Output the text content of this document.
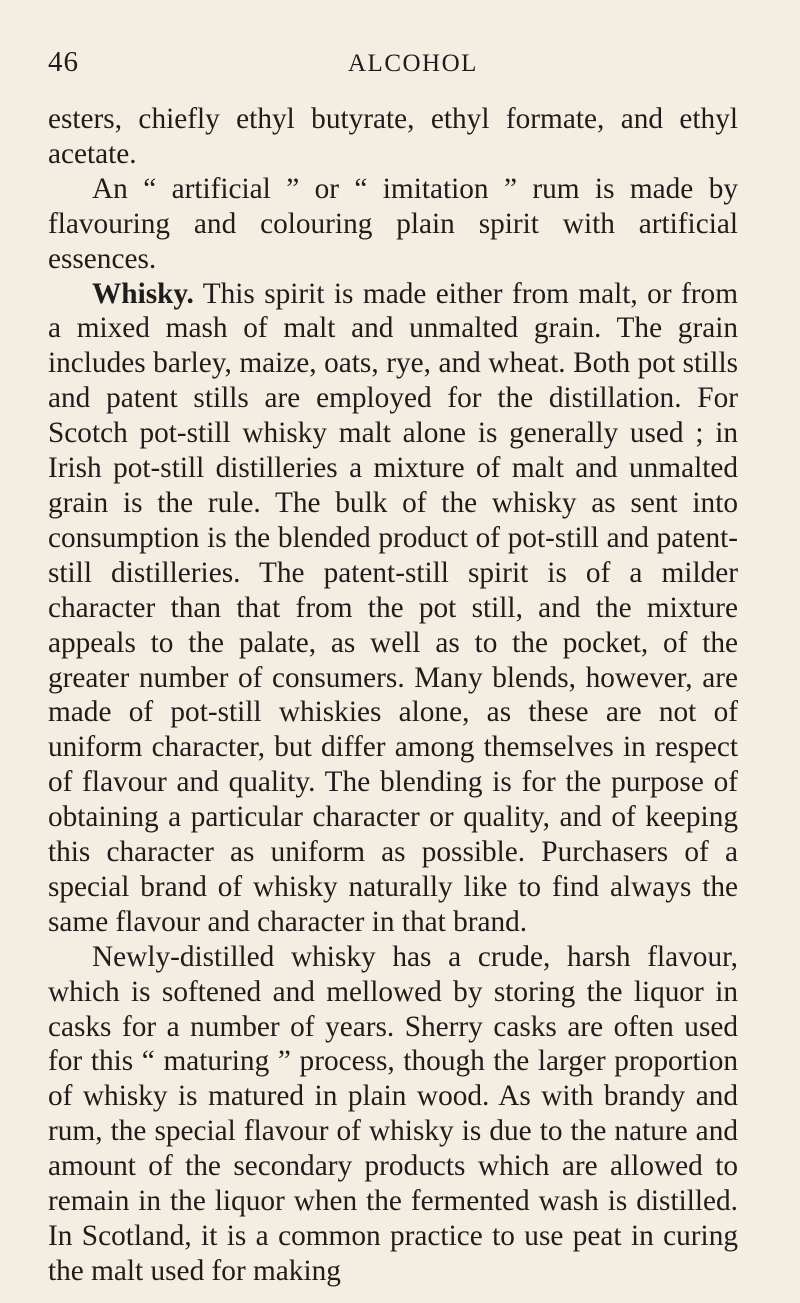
46	ALCOHOL

esters, chiefly ethyl butyrate, ethyl formate, and ethyl acetate.

An “ artificial ” or “ imitation ” rum is made by flavouring and colouring plain spirit with artificial essences.

Whisky. This spirit is made either from malt, or from a mixed mash of malt and unmalted grain. The grain includes barley, maize, oats, rye, and wheat. Both pot stills and patent stills are employed for the distillation. For Scotch pot-still whisky malt alone is generally used ; in Irish pot-still distilleries a mixture of malt and unmalted grain is the rule. The bulk of the whisky as sent into consumption is the blended product of pot-still and patent-still distilleries. The patent-still spirit is of a milder character than that from the pot still, and the mixture appeals to the palate, as well as to the pocket, of the greater number of consumers. Many blends, however, are made of pot-still whiskies alone, as these are not of uniform character, but differ among themselves in respect of flavour and quality. The blending is for the purpose of obtaining a particular character or quality, and of keeping this character as uniform as possible. Purchasers of a special brand of whisky naturally like to find always the same flavour and character in that brand.

Newly-distilled whisky has a crude, harsh flavour, which is softened and mellowed by storing the liquor in casks for a number of years. Sherry casks are often used for this “ maturing ” process, though the larger proportion of whisky is matured in plain wood. As with brandy and rum, the special flavour of whisky is due to the nature and amount of the secondary products which are allowed to remain in the liquor when the fermented wash is distilled. In Scotland, it is a common practice to use peat in curing the malt used for making
